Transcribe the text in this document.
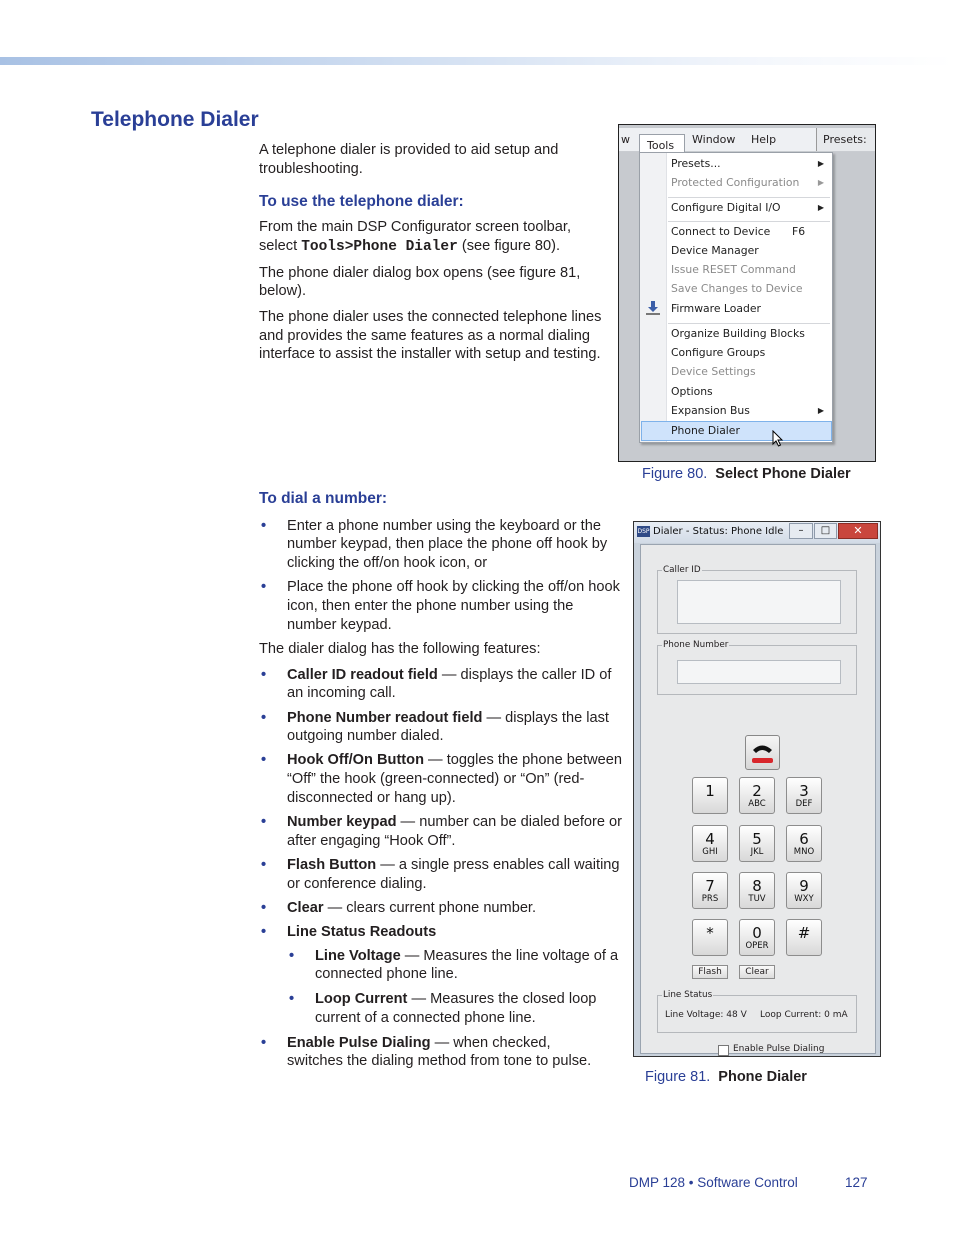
Telephone Dialer

A telephone dialer is provided to aid setup and troubleshooting.

To use the telephone dialer:

From the main DSP Configurator screen toolbar, select Tools>Phone Dialer (see figure 80).

The phone dialer dialog box opens (see figure 81, below).

The phone dialer uses the connected telephone lines and provides the same features as a normal dialing interface to assist the installer with setup and testing.

w	Tools	Window Help	Presets:
Presets...	▶
Protected Configuration ▶
Configure Digital I/O	▶
Connect to Device F6
Device Manager
Issue RESET Command
Save Changes to Device
Firmware Loader
Organize Building Blocks
Configure Groups
Device Settings
Options
Expansion Bus	▶
Phone Dialer
Figure 80. Select Phone Dialer
To dial a number:
• Enter a phone number using the keyboard or the number keypad, then place the phone off hook by clicking the off/on hook icon, or
• Place the phone off hook by clicking the off/on hook icon, then enter the phone number using the number keypad.

The dialer dialog has the following features:

• Caller ID readout field — displays the caller ID of an incoming call.
• Phone Number readout field — displays the last outgoing number dialed.
• Hook Off/On Button — toggles the phone between “Off” the hook (green-connected) or “On” (red-disconnected or hang up).
• Number keypad — number can be dialed before or after engaging “Hook Off”.
• Flash Button — a single press enables call waiting or conference dialing.
• Clear — clears current phone number.
• Line Status Readouts
• Line Voltage — Measures the line voltage of a connected phone line.
• Loop Current — Measures the closed loop current of a connected phone line.
• Enable Pulse Dialing — when checked, switches the dialing method from tone to pulse.
DSP Dialer - Status: Phone Idle	–	□	✕
Caller ID
Phone Number
1	2
ABC
3
DEF
4
GHI
5
JKL
6
MNO
7
PRS
8
TUV
9
WXY
*	0
OPER
#
Flash	Clear
Line Status
Line Voltage: 48 V Loop Current: 0 mA
Enable Pulse Dialing
Figure 81. Phone Dialer
DMP 128 • Software Control	127
